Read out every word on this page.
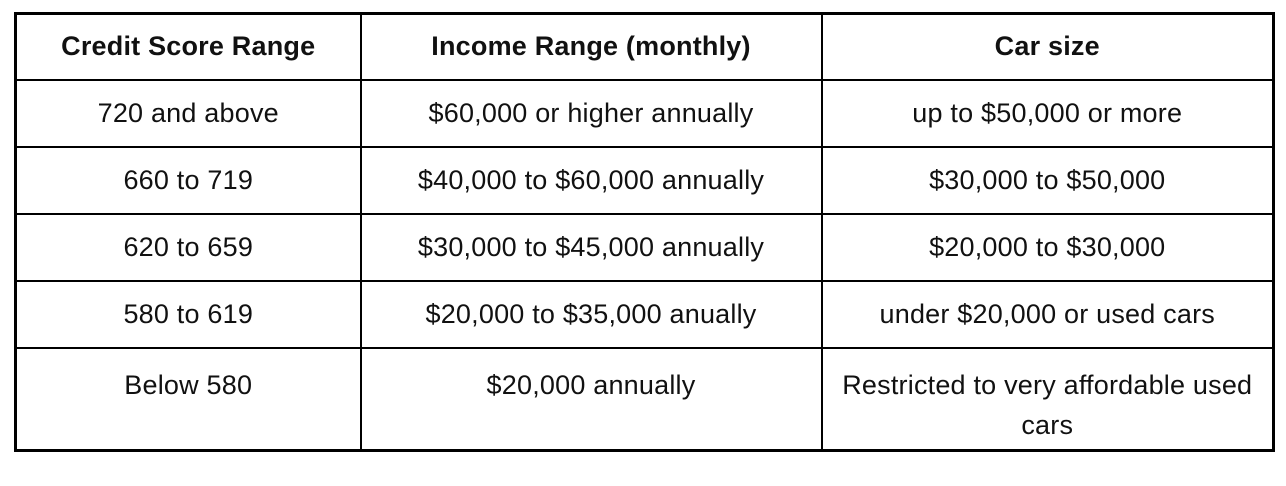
Credit Score Range	Income Range (monthly)	Car size
720 and above	$60,000 or higher annually	up to $50,000 or more
660 to 719	$40,000 to $60,000 annually	$30,000 to $50,000
620 to 659	$30,000 to $45,000 annually	$20,000 to $30,000
580 to 619	$20,000 to $35,000 anually	under $20,000 or used cars
Below 580	$20,000 annually	Restricted to very affordable used cars
